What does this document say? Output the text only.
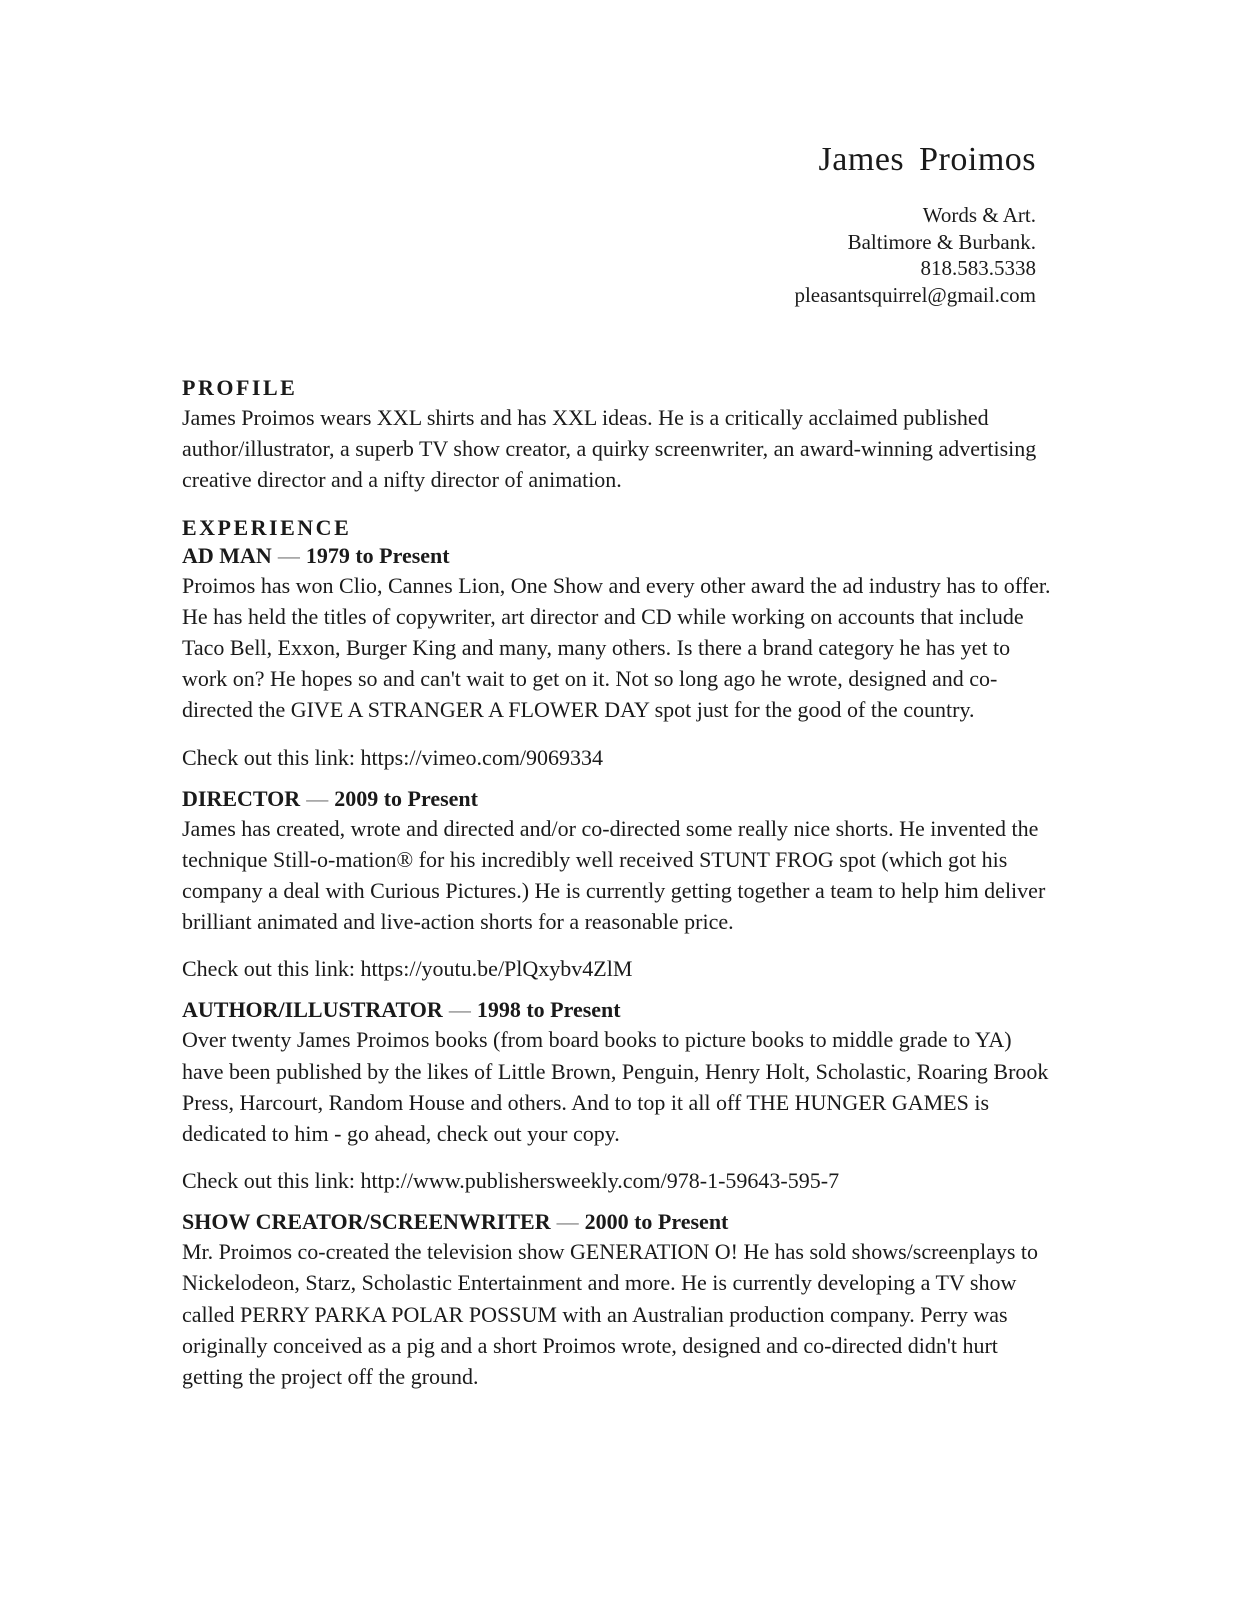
James Proimos
Words & Art.
Baltimore & Burbank.
818.583.5338
pleasantsquirrel@gmail.com
PROFILE

James Proimos wears XXL shirts and has XXL ideas. He is a critically acclaimed published author/illustrator, a superb TV show creator, a quirky screenwriter, an award-winning advertising creative director and a nifty director of animation.

EXPERIENCE
AD MAN — 1979 to Present

Proimos has won Clio, Cannes Lion, One Show and every other award the ad industry has to offer. He has held the titles of copywriter, art director and CD while working on accounts that include Taco Bell, Exxon, Burger King and many, many others. Is there a brand category he has yet to work on? He hopes so and can't wait to get on it. Not so long ago he wrote, designed and co-directed the GIVE A STRANGER A FLOWER DAY spot just for the good of the country.

Check out this link: https://vimeo.com/9069334

DIRECTOR — 2009 to Present

James has created, wrote and directed and/or co-directed some really nice shorts. He invented the technique Still-o-mation® for his incredibly well received STUNT FROG spot (which got his company a deal with Curious Pictures.) He is currently getting together a team to help him deliver brilliant animated and live-action shorts for a reasonable price.

Check out this link: https://youtu.be/PlQxybv4ZlM

AUTHOR/ILLUSTRATOR — 1998 to Present

Over twenty James Proimos books (from board books to picture books to middle grade to YA) have been published by the likes of Little Brown, Penguin, Henry Holt, Scholastic, Roaring Brook Press, Harcourt, Random House and others. And to top it all off THE HUNGER GAMES is dedicated to him - go ahead, check out your copy.

Check out this link: http://www.publishersweekly.com/978-1-59643-595-7

SHOW CREATOR/SCREENWRITER — 2000 to Present

Mr. Proimos co-created the television show GENERATION O! He has sold shows/screenplays to Nickelodeon, Starz, Scholastic Entertainment and more. He is currently developing a TV show called PERRY PARKA POLAR POSSUM with an Australian production company. Perry was originally conceived as a pig and a short Proimos wrote, designed and co-directed didn't hurt getting the project off the ground.
